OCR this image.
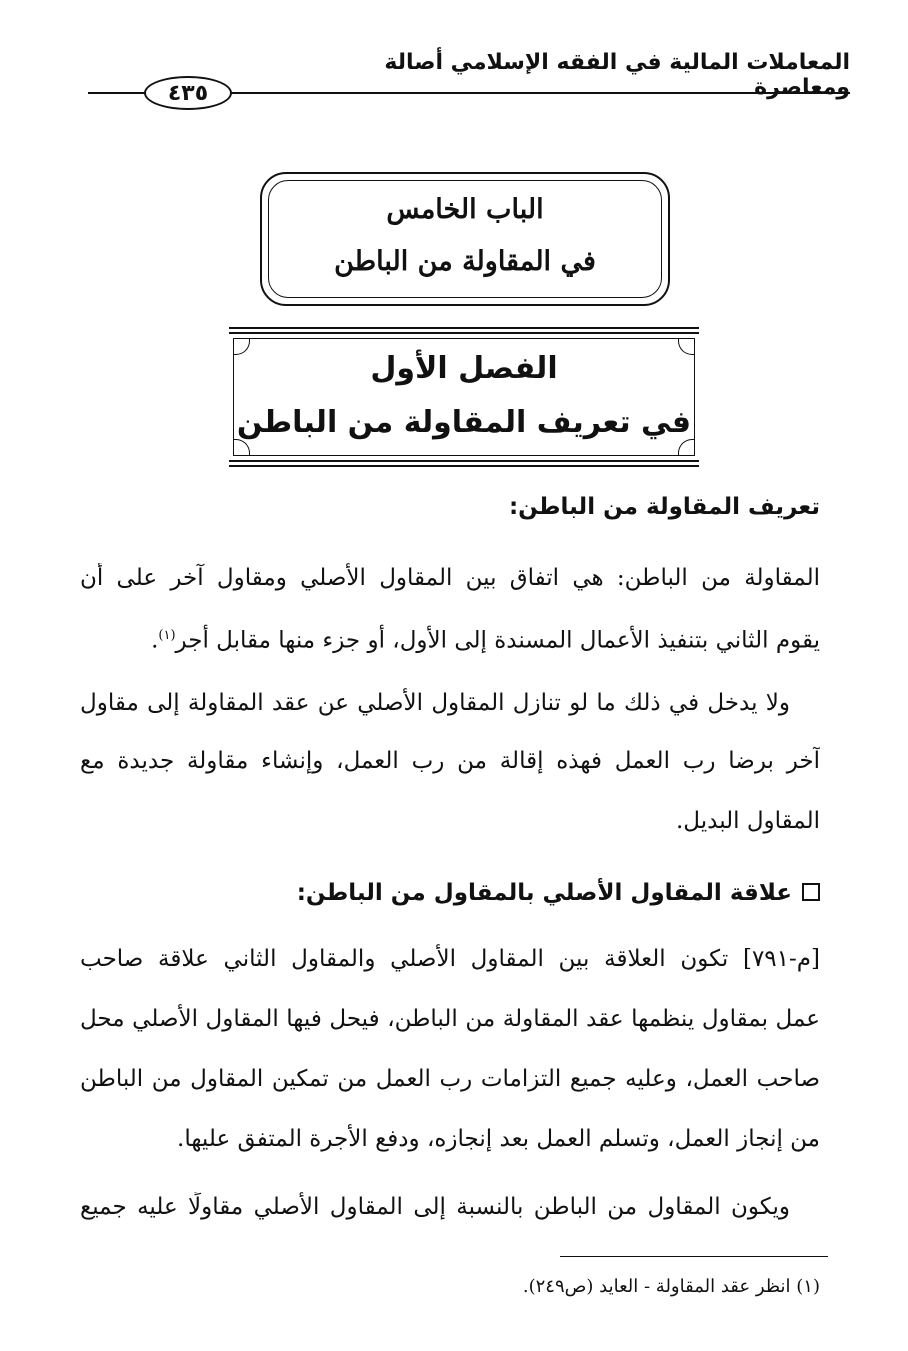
المعاملات المالية في الفقه الإسلامي أصالة ومعاصرة
٤٣٥
الباب الخامس
في المقاولة من الباطن
الفصل الأول
في تعريف المقاولة من الباطن
تعريف المقاولة من الباطن:
المقاولة من الباطن: هي اتفاق بين المقاول الأصلي ومقاول آخر على أن
يقوم الثاني بتنفيذ الأعمال المسندة إلى الأول، أو جزء منها مقابل أجر$^{(١)}$.
ولا يدخل في ذلك ما لو تنازل المقاول الأصلي عن عقد المقاولة إلى مقاول
آخر برضا رب العمل فهذه إقالة من رب العمل، وإنشاء مقاولة جديدة مع
المقاول البديل.
علاقة المقاول الأصلي بالمقاول من الباطن:
[م-٧٩١] تكون العلاقة بين المقاول الأصلي والمقاول الثاني علاقة صاحب
عمل بمقاول ينظمها عقد المقاولة من الباطن، فيحل فيها المقاول الأصلي محل
صاحب العمل، وعليه جميع التزامات رب العمل من تمكين المقاول من الباطن
من إنجاز العمل، وتسلم العمل بعد إنجازه، ودفع الأجرة المتفق عليها.
ويكون المقاول من الباطن بالنسبة إلى المقاول الأصلي مقاولًا عليه جميع
(١) انظر عقد المقاولة - العايد (ص٢٤٩).
